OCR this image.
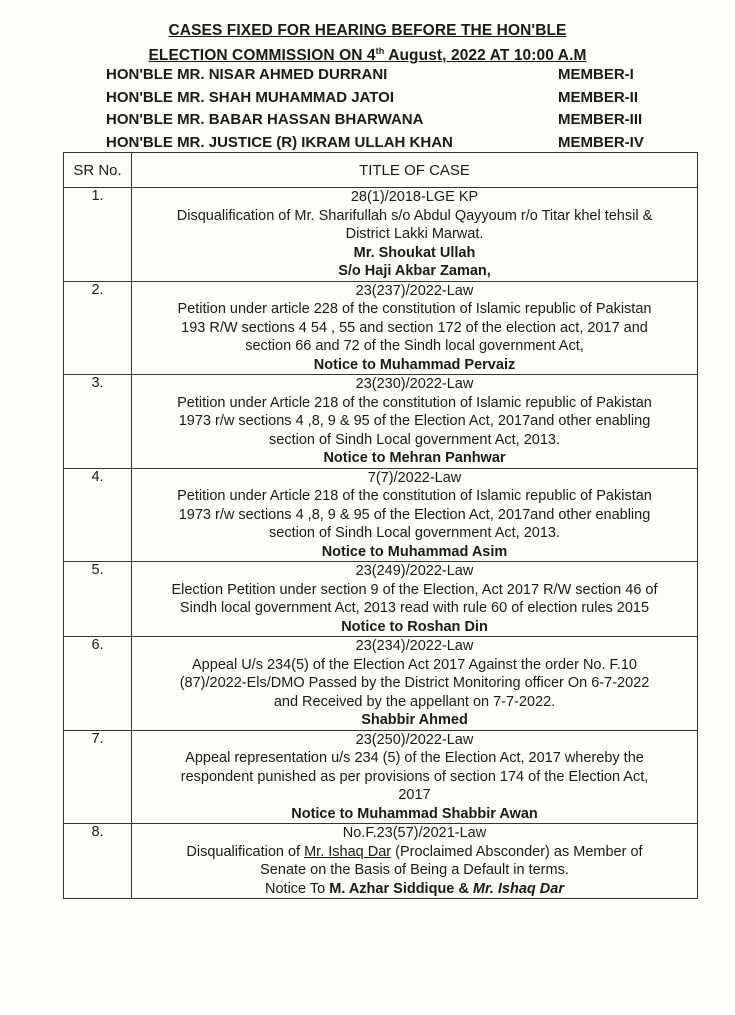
CASES FIXED FOR HEARING BEFORE THE HON'BLE
ELECTION COMMISSION ON 4th August, 2022 AT 10:00 A.M
HON'BLE MR. NISAR AHMED DURRANI	MEMBER-I
HON'BLE MR. SHAH MUHAMMAD JATOI	MEMBER-II
HON'BLE MR. BABAR HASSAN BHARWANA	MEMBER-III
HON'BLE MR. JUSTICE (R) IKRAM ULLAH KHAN	MEMBER-IV
SR No.	TITLE OF CASE
1.	28(1)/2018-LGE KP
Disqualification of Mr. Sharifullah s/o Abdul Qayyoum r/o Titar khel tehsil &
District Lakki Marwat.
Mr. Shoukat Ullah
S/o Haji Akbar Zaman,

2.	23(237)/2022-Law
Petition under article 228 of the constitution of Islamic republic of Pakistan
193 R/W sections 4 54 , 55 and section 172 of the election act, 2017 and
section 66 and 72 of the Sindh local government Act,
Notice to Muhammad Pervaiz

3.	23(230)/2022-Law
Petition under Article 218 of the constitution of Islamic republic of Pakistan
1973 r/w sections 4 ,8, 9 & 95 of the Election Act, 2017and other enabling
section of Sindh Local government Act, 2013.
Notice to Mehran Panhwar

4.	7(7)/2022-Law
Petition under Article 218 of the constitution of Islamic republic of Pakistan
1973 r/w sections 4 ,8, 9 & 95 of the Election Act, 2017and other enabling
section of Sindh Local government Act, 2013.
Notice to Muhammad Asim

5.	23(249)/2022-Law
Election Petition under section 9 of the Election, Act 2017 R/W section 46 of
Sindh local government Act, 2013 read with rule 60 of election rules 2015
Notice to Roshan Din

6.	23(234)/2022-Law
Appeal U/s 234(5) of the Election Act 2017 Against the order No. F.10
(87)/2022-Els/DMO Passed by the District Monitoring officer On 6-7-2022
and Received by the appellant on 7-7-2022.
Shabbir Ahmed

7.	23(250)/2022-Law
Appeal representation u/s 234 (5) of the Election Act, 2017 whereby the
respondent punished as per provisions of section 174 of the Election Act,
2017
Notice to Muhammad Shabbir Awan

8.	No.F.23(57)/2021-Law
Disqualification of Mr. Ishaq Dar (Proclaimed Absconder) as Member of
Senate on the Basis of Being a Default in terms.
Notice To M. Azhar Siddique & Mr. Ishaq Dar
